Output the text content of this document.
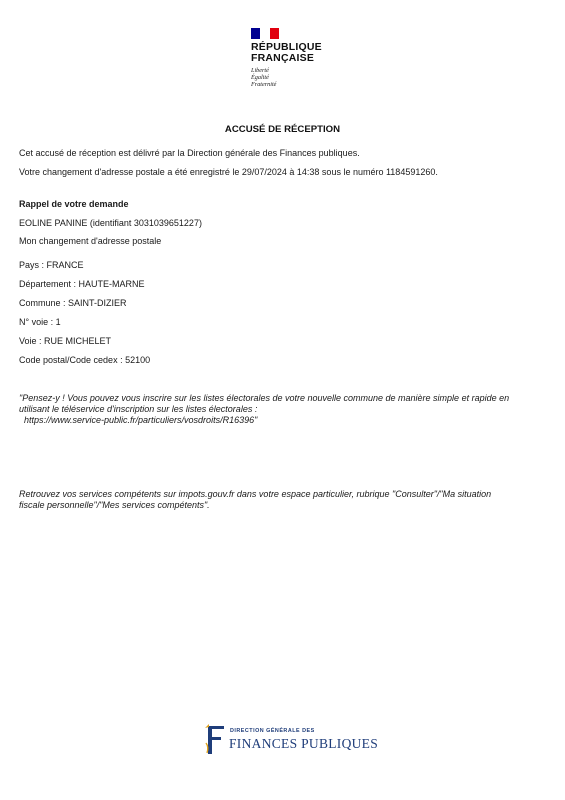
RÉPUBLIQUE
FRANÇAISE
Liberté
Égalité
Fraternité
ACCUSÉ DE RÉCEPTION
Cet accusé de réception est délivré par la Direction générale des Finances publiques.
Votre changement d'adresse postale a été enregistré le 29/07/2024 à 14:38 sous le numéro 1184591260.
Rappel de votre demande
EOLINE PANINE (identifiant 3031039651227)
Mon changement d'adresse postale
Pays : FRANCE
Département : HAUTE-MARNE
Commune : SAINT-DIZIER
N° voie : 1
Voie : RUE MICHELET
Code postal/Code cedex : 52100
"Pensez-y ! Vous pouvez vous inscrire sur les listes électorales de votre nouvelle commune de manière simple et rapide en
utilisant le téléservice d'inscription sur les listes électorales :
https://www.service-public.fr/particuliers/vosdroits/R16396"
Retrouvez vos services compétents sur impots.gouv.fr dans votre espace particulier, rubrique "Consulter"/"Ma situation
fiscale personnelle"/"Mes services compétents".
DIRECTION GÉNÉRALE DES
FINANCES PUBLIQUES
